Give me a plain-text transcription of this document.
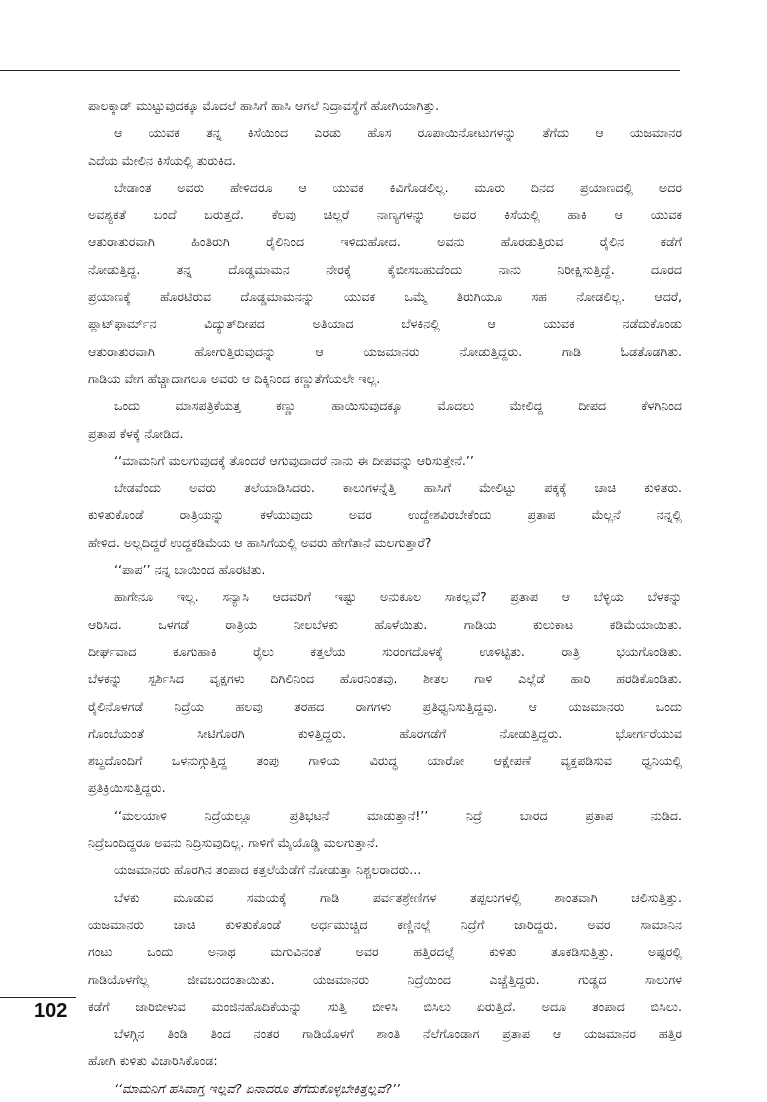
ಪಾಲಕ್ಕಾಡ್ ಮುಟ್ಟುವುದಕ್ಕೂ ಮೊದಲೆ ಹಾಸಿಗೆ ಹಾಸಿ ಆಗಲೆ ನಿದ್ರಾವಸ್ಥೆಗೆ ಹೋಗಿಯಾಗಿತ್ತು.
ಆ ಯುವಕ ತನ್ನ ಕಿಸೆಯಿಂದ ಎರಡು ಹೊಸ ರೂಪಾಯಿನೋಟುಗಳನ್ನು ತೆಗೆದು ಆ ಯಜಮಾನರ
ಎದೆಯ ಮೇಲಿನ ಕಿಸೆಯಲ್ಲಿ ತುರುಕಿದ.
ಬೇಡಾಂತ ಅವರು ಹೇಳಿದರೂ ಆ ಯುವಕ ಕಿವಿಗೊಡಲಿಲ್ಲ. ಮೂರು ದಿನದ ಪ್ರಯಾಣದಲ್ಲಿ ಅದರ
ಅವಶ್ಯಕತೆ ಬಂದೆ ಬರುತ್ತದೆ. ಕೆಲವು ಚಿಲ್ಲರೆ ನಾಣ್ಯಗಳನ್ನು ಅವರ ಕಿಸೆಯಲ್ಲಿ ಹಾಕಿ ಆ ಯುವಕ
ಆತುರಾತುರವಾಗಿ ಹಿಂತಿರುಗಿ ರೈಲಿನಿಂದ ಇಳಿದುಹೋದ. ಅವನು ಹೊರಡುತ್ತಿರುವ ರೈಲಿನ ಕಡೆಗೆ
ನೋಡುತ್ತಿದ್ದ. ತನ್ನ ದೊಡ್ಡಮಾಮನ ನೇರಕ್ಕೆ ಕೈಬೀಸಬಹುದೆಂದು ನಾನು ನಿರೀಕ್ಷಿಸುತ್ತಿದ್ದೆ. ದೂರದ
ಪ್ರಯಾಣಕ್ಕೆ ಹೊರಟಿರುವ ದೊಡ್ಡಮಾಮನನ್ನು ಯುವಕ ಒಮ್ಮೆ ತಿರುಗಿಯೂ ಸಹ ನೋಡಲಿಲ್ಲ. ಆದರೆ,
ಪ್ಲಾಟ್‌ಫಾರ್ಮ್‌ನ ವಿದ್ಯುತ್‌ದೀಪದ ಅತಿಯಾದ ಬೆಳಕಿನಲ್ಲಿ ಆ ಯುವಕ ನಡೆದುಕೊಂಡು
ಆತುರಾತುರವಾಗಿ ಹೋಗುತ್ತಿರುವುದನ್ನು ಆ ಯಜಮಾನರು ನೋಡುತ್ತಿದ್ದರು. ಗಾಡಿ ಓಡತೊಡಗಿತು.
ಗಾಡಿಯ ವೇಗ ಹೆಚ್ಚಾದಾಗಲೂ ಅವರು ಆ ದಿಕ್ಕಿನಿಂದ ಕಣ್ಣುತೆಗೆಯಲೇ ಇಲ್ಲ.
ಒಂದು ಮಾಸಪತ್ರಿಕೆಯತ್ತ ಕಣ್ಣು ಹಾಯಿಸುವುದಕ್ಕೂ ಮೊದಲು ಮೇಲಿದ್ದ ದೀಪದ ಕೆಳಗಿನಿಂದ
ಪ್ರತಾಪ ಕೆಳಕ್ಕೆ ನೋಡಿದ.
‘‘ಮಾಮನಿಗೆ ಮಲಗುವುದಕ್ಕೆ ತೊಂದರೆ ಆಗುವುದಾದರೆ ನಾನು ಈ ದೀಪವನ್ನು ಆರಿಸುತ್ತೇನೆ.’’
ಬೇಡವೆಂದು ಅವರು ತಲೆಯಾಡಿಸಿದರು. ಕಾಲುಗಳನ್ನೆತ್ತಿ ಹಾಸಿಗೆ ಮೇಲಿಟ್ಟು ಪಕ್ಕಕ್ಕೆ ಚಾಚಿ ಕುಳಿತರು.
ಕುಳಿತುಕೊಂಡೆ ರಾತ್ರಿಯನ್ನು ಕಳೆಯುವುದು ಅವರ ಉದ್ದೇಶವಿರಬೇಕೆಂದು ಪ್ರತಾಪ ಮೆಲ್ಲನೆ ನನ್ನಲ್ಲಿ
ಹೇಳಿದ. ಅಲ್ಲದಿದ್ದರೆ ಉದ್ದಕಡಿಮೆಯ ಆ ಹಾಸಿಗೆಯಲ್ಲಿ ಅವರು ಹೇಗೆತಾನೆ ಮಲಗುತ್ತಾರೆ?
‘‘ಪಾಪ’’ ನನ್ನ ಬಾಯಿಂದ ಹೊರಟಿತು.
ಹಾಗೇನೂ ಇಲ್ಲ. ಸನ್ಯಾಸಿ ಆದವರಿಗೆ ಇಷ್ಟು ಅನುಕೂಲ ಸಾಕಲ್ಲವೆ? ಪ್ರತಾಪ ಆ ಬೆಳ್ಳಿಯ ಬೆಳಕನ್ನು
ಆರಿಸಿದ. ಒಳಗಡೆ ರಾತ್ರಿಯ ನೀಲಬೆಳಕು ಹೊಳೆಯಿತು. ಗಾಡಿಯ ಕುಲುಕಾಟ ಕಡಿಮೆಯಾಯಿತು.
ದೀರ್ಘವಾದ ಕೂಗುಹಾಕಿ ರೈಲು ಕತ್ತಲೆಯ ಸುರಂಗದೊಳಕ್ಕೆ ಊಳಿಟ್ಟಿತು. ರಾತ್ರಿ ಭಯಗೊಂಡಿತು.
ಬೆಳಕನ್ನು ಸ್ಪರ್ಶಿಸಿದ ವೃಕ್ಷಗಳು ದಿಗಿಲಿನಿಂದ ಹೊರನಿಂತವು. ಶೀತಲ ಗಾಳಿ ಎಲ್ಲೆಡೆ ಹಾರಿ ಹರಡಿಕೊಂಡಿತು.
ರೈಲಿನೊಳಗಡೆ ನಿದ್ರೆಯ ಹಲವು ತರಹದ ರಾಗಗಳು ಪ್ರತಿಧ್ವನಿಸುತ್ತಿದ್ದವು. ಆ ಯಜಮಾನರು ಒಂದು
ಗೊಂಬೆಯಂತೆ ಸೀಟಿಗೊರಗಿ ಕುಳಿತ್ತಿದ್ದರು. ಹೊರಗಡೆಗೆ ನೋಡುತ್ತಿದ್ದರು. ಭೋರ್ಗರೆಯುವ
ಶಬ್ದದೊಂದಿಗೆ ಒಳನುಗ್ಗುತ್ತಿದ್ದ ತಂಪು ಗಾಳಿಯ ವಿರುದ್ಧ ಯಾರೋ ಆಕ್ಷೇಪಣೆ ವ್ಯಕ್ತಪಡಿಸುವ ಧ್ವನಿಯಲ್ಲಿ
ಪ್ರತಿಕ್ರಿಯಿಸುತ್ತಿದ್ದರು.
‘‘ಮಲಯಾಳಿ ನಿದ್ರೆಯಲ್ಲೂ ಪ್ರತಿಭಟನೆ ಮಾಡುತ್ತಾನೆ!’’ ನಿದ್ರೆ ಬಾರದ ಪ್ರತಾಪ ನುಡಿದ.
ನಿದ್ರೆಬಂದಿದ್ದರೂ ಅವನು ನಿದ್ರಿಸುವುದಿಲ್ಲ. ಗಾಳಿಗೆ ಮೈಯೊಡ್ಡಿ ಮಲಗುತ್ತಾನೆ.
ಯಜಮಾನರು ಹೊರಗಿನ ತಂಪಾದ ಕತ್ತಲೆಯೆಡೆಗೆ ನೋಡುತ್ತಾ ನಿಶ್ಚಲರಾದರು...
ಬೆಳಕು ಮೂಡುವ ಸಮಯಕ್ಕೆ ಗಾಡಿ ಪರ್ವತಶ್ರೇಣಿಗಳ ತಪ್ಪಲುಗಳಲ್ಲಿ ಶಾಂತವಾಗಿ ಚಲಿಸುತ್ತಿತ್ತು.
ಯಜಮಾನರು ಚಾಚಿ ಕುಳಿತುಕೊಂಡೆ ಅರ್ಧಮುಚ್ಚಿದ ಕಣ್ಣಿನಲ್ಲೆ ನಿದ್ರೆಗೆ ಜಾರಿದ್ದರು. ಅವರ ಸಾಮಾನಿನ
ಗಂಟು ಒಂದು ಅನಾಥ ಮಗುವಿನಂತೆ ಅವರ ಹತ್ತಿರದಲ್ಲೆ ಕುಳಿತು ತೂಕಡಿಸುತ್ತಿತ್ತು. ಅಷ್ಟರಲ್ಲಿ
ಗಾಡಿಯೊಳಗೆಲ್ಲ ಜೀವಬಂದಂತಾಯಿತು. ಯಜಮಾನರು ನಿದ್ರೆಯಿಂದ ಎಚ್ಚೆತ್ತಿದ್ದರು. ಗುಡ್ಡದ ಸಾಲುಗಳ
ಕಡೆಗೆ ಜಾರಿಬೀಳುವ ಮಂಜಿನಹೊದಿಕೆಯನ್ನು ಸುತ್ತಿ ಬೀಳಿಸಿ ಬಿಸಿಲು ಏರುತ್ತಿದೆ. ಅದೂ ತಂಪಾದ ಬಿಸಿಲು.
ಬೆಳಗ್ಗಿನ ತಿಂಡಿ ತಿಂದ ನಂತರ ಗಾಡಿಯೊಳಗೆ ಶಾಂತಿ ನೆಲೆಗೊಂಡಾಗ ಪ್ರತಾಪ ಆ ಯಜಮಾನರ ಹತ್ತಿರ
ಹೋಗಿ ಕುಳಿತು ವಿಚಾರಿಸಿಕೊಂಡ:
‘‘ಮಾಮನಿಗೆ ಹಸಿವಾಗ್ತ ಇಲ್ಲವೆ? ಏನಾದರೂ ತೆಗೆದುಕೊಳ್ಳಬೇಕಿತ್ತಲ್ಲವೆ?’’
102
